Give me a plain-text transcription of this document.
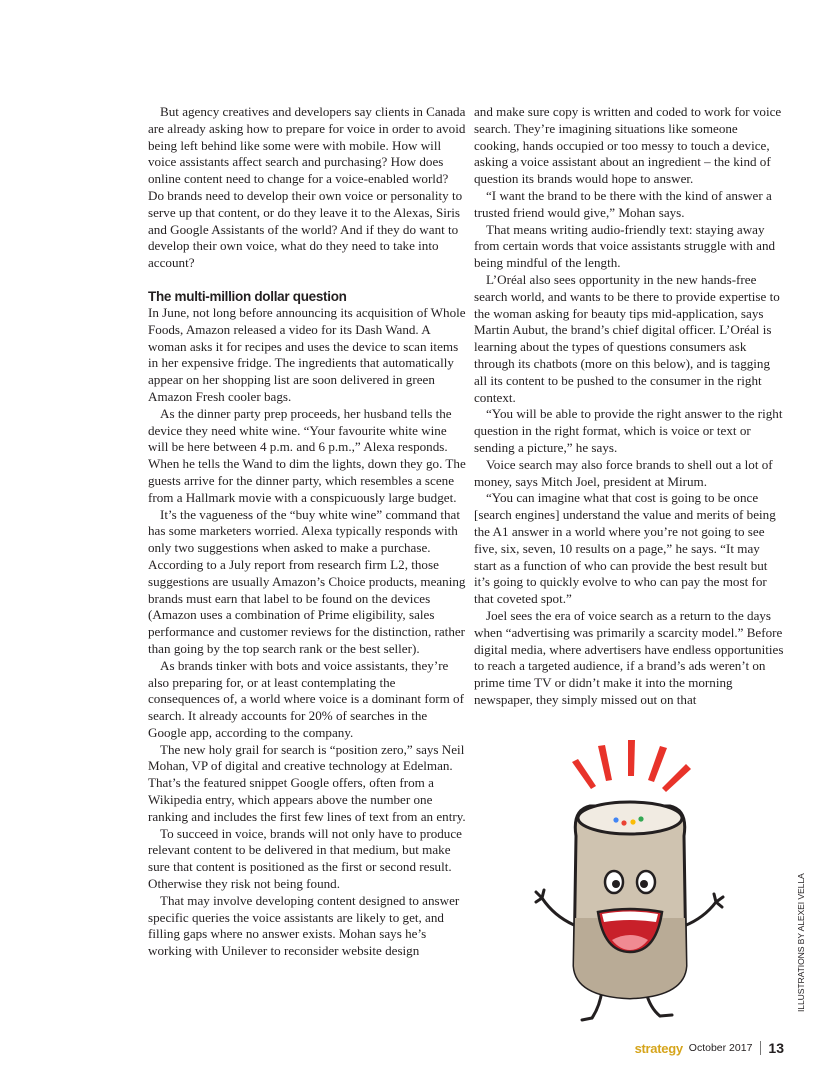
But agency creatives and developers say clients in Canada are already asking how to prepare for voice in order to avoid being left behind like some were with mobile. How will voice assistants affect search and purchasing? How does online content need to change for a voice-enabled world? Do brands need to develop their own voice or personality to serve up that content, or do they leave it to the Alexas, Siris and Google Assistants of the world? And if they do want to develop their own voice, what do they need to take into account?

The multi-million dollar question

In June, not long before announcing its acquisition of Whole Foods, Amazon released a video for its Dash Wand. A woman asks it for recipes and uses the device to scan items in her expensive fridge. The ingredients that automatically appear on her shopping list are soon delivered in green Amazon Fresh cooler bags.

As the dinner party prep proceeds, her husband tells the device they need white wine. “Your favourite white wine will be here between 4 p.m. and 6 p.m.,” Alexa responds. When he tells the Wand to dim the lights, down they go. The guests arrive for the dinner party, which resembles a scene from a Hallmark movie with a conspicuously large budget.

It’s the vagueness of the “buy white wine” command that has some marketers worried. Alexa typically responds with only two suggestions when asked to make a purchase. According to a July report from research firm L2, those suggestions are usually Amazon’s Choice products, meaning brands must earn that label to be found on the devices (Amazon uses a combination of Prime eligibility, sales performance and customer reviews for the distinction, rather than going by the top search rank or the best seller).

As brands tinker with bots and voice assistants, they’re also preparing for, or at least contemplating the consequences of, a world where voice is a dominant form of search. It already accounts for 20% of searches in the Google app, according to the company.

The new holy grail for search is “position zero,” says Neil Mohan, VP of digital and creative technology at Edelman. That’s the featured snippet Google offers, often from a Wikipedia entry, which appears above the number one ranking and includes the first few lines of text from an entry.

To succeed in voice, brands will not only have to produce relevant content to be delivered in that medium, but make sure that content is positioned as the first or second result. Otherwise they risk not being found.

That may involve developing content designed to answer specific queries the voice assistants are likely to get, and filling gaps where no answer exists. Mohan says he’s working with Unilever to reconsider website design

and make sure copy is written and coded to work for voice search. They’re imagining situations like someone cooking, hands occupied or too messy to touch a device, asking a voice assistant about an ingredient – the kind of question its brands would hope to answer.

“I want the brand to be there with the kind of answer a trusted friend would give,” Mohan says.

That means writing audio-friendly text: staying away from certain words that voice assistants struggle with and being mindful of the length.

L’Oréal also sees opportunity in the new hands-free search world, and wants to be there to provide expertise to the woman asking for beauty tips mid-application, says Martin Aubut, the brand’s chief digital officer. L’Oréal is learning about the types of questions consumers ask through its chatbots (more on this below), and is tagging all its content to be pushed to the consumer in the right context.

“You will be able to provide the right answer to the right question in the right format, which is voice or text or sending a picture,” he says.

Voice search may also force brands to shell out a lot of money, says Mitch Joel, president at Mirum.

“You can imagine what that cost is going to be once [search engines] understand the value and merits of being the A1 answer in a world where you’re not going to see five, six, seven, 10 results on a page,” he says. “It may start as a function of who can provide the best result but it’s going to quickly evolve to who can pay the most for that coveted spot.”

Joel sees the era of voice search as a return to the days when “advertising was primarily a scarcity model.” Before digital media, where advertisers have endless opportunities to reach a targeted audience, if a brand’s ads weren’t on prime time TV or didn’t make it into the morning newspaper, they simply missed out on that

ILLUSTRATIONS BY ALEXEI VELLA
strategy October 2017 13
